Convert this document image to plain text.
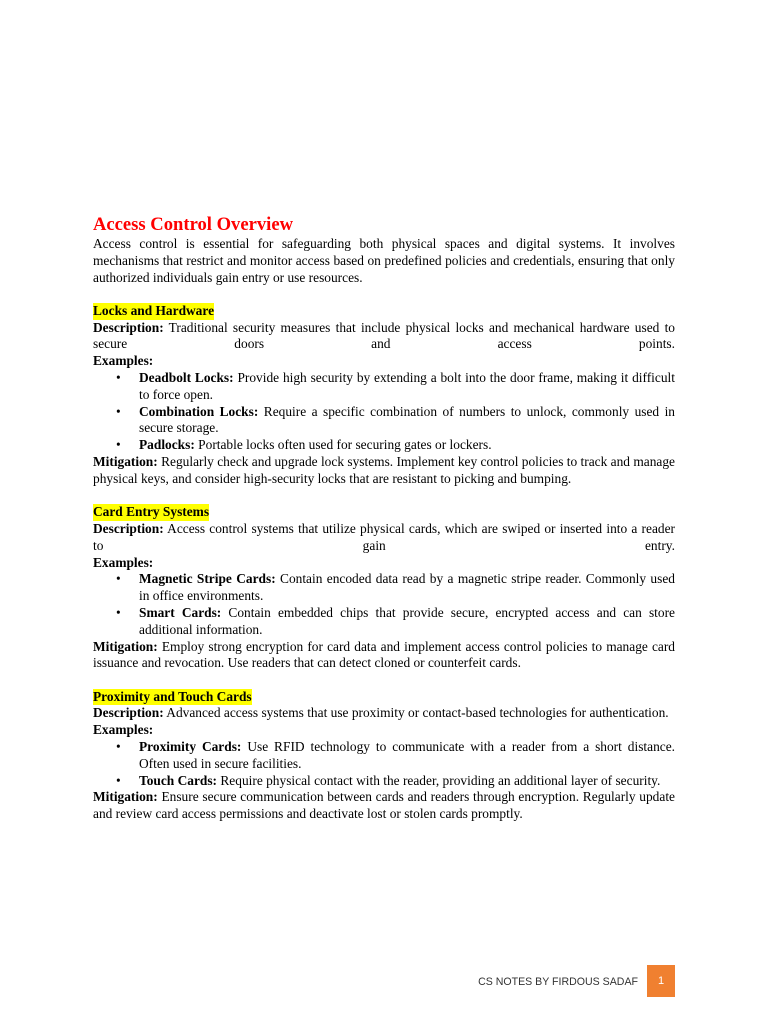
Access Control Overview

Access control is essential for safeguarding both physical spaces and digital systems. It involves mechanisms that restrict and monitor access based on predefined policies and credentials, ensuring that only authorized individuals gain entry or use resources.

Locks and Hardware

Description: Traditional security measures that include physical locks and mechanical hardware used to secure doors and access points.

Examples:

• Deadbolt Locks: Provide high security by extending a bolt into the door frame, making it difficult to force open.
• Combination Locks: Require a specific combination of numbers to unlock, commonly used in secure storage.
• Padlocks: Portable locks often used for securing gates or lockers.

Mitigation: Regularly check and upgrade lock systems. Implement key control policies to track and manage physical keys, and consider high-security locks that are resistant to picking and bumping.

Card Entry Systems

Description: Access control systems that utilize physical cards, which are swiped or inserted into a reader to gain entry.

Examples:

• Magnetic Stripe Cards: Contain encoded data read by a magnetic stripe reader. Commonly used in office environments.
• Smart Cards: Contain embedded chips that provide secure, encrypted access and can store additional information.

Mitigation: Employ strong encryption for card data and implement access control policies to manage card issuance and revocation. Use readers that can detect cloned or counterfeit cards.

Proximity and Touch Cards

Description: Advanced access systems that use proximity or contact-based technologies for authentication.

Examples:

• Proximity Cards: Use RFID technology to communicate with a reader from a short distance. Often used in secure facilities.
• Touch Cards: Require physical contact with the reader, providing an additional layer of security.

Mitigation: Ensure secure communication between cards and readers through encryption. Regularly update and review card access permissions and deactivate lost or stolen cards promptly.

CS NOTES BY FIRDOUS SADAF	1
